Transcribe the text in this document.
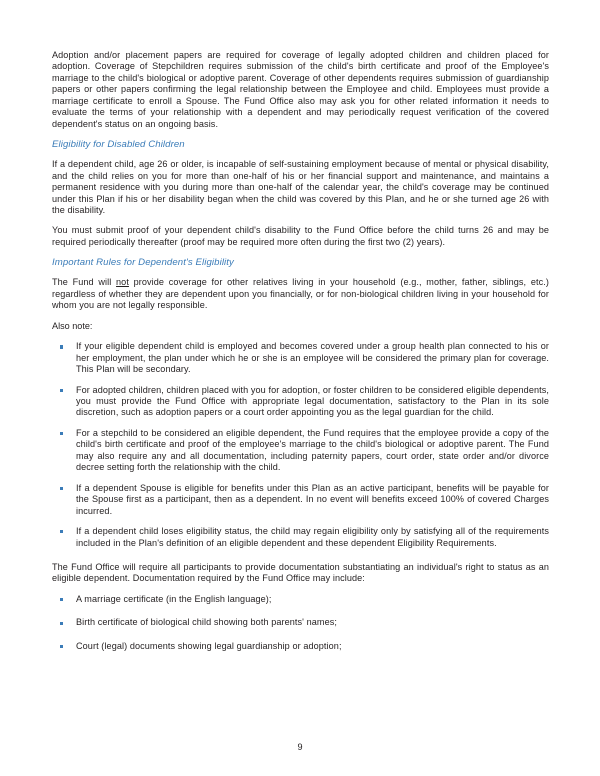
Adoption and/or placement papers are required for coverage of legally adopted children and children placed for adoption. Coverage of Stepchildren requires submission of the child's birth certificate and proof of the Employee's marriage to the child's biological or adoptive parent. Coverage of other dependents requires submission of guardianship papers or other papers confirming the legal relationship between the Employee and child. Employees must provide a marriage certificate to enroll a Spouse. The Fund Office also may ask you for other related information it needs to evaluate the terms of your relationship with a dependent and may periodically request verification of the covered dependent's status on an ongoing basis.

Eligibility for Disabled Children

If a dependent child, age 26 or older, is incapable of self-sustaining employment because of mental or physical disability, and the child relies on you for more than one-half of his or her financial support and maintenance, and maintains a permanent residence with you during more than one-half of the calendar year, the child's coverage may be continued under this Plan if his or her disability began when the child was covered by this Plan, and he or she turned age 26 with the disability.

You must submit proof of your dependent child's disability to the Fund Office before the child turns 26 and may be required periodically thereafter (proof may be required more often during the first two (2) years).

Important Rules for Dependent's Eligibility

The Fund will not provide coverage for other relatives living in your household (e.g., mother, father, siblings, etc.) regardless of whether they are dependent upon you financially, or for non-biological children living in your household for whom you are not legally responsible.

Also note:

If your eligible dependent child is employed and becomes covered under a group health plan connected to his or her employment, the plan under which he or she is an employee will be considered the primary plan for coverage. This Plan will be secondary.
For adopted children, children placed with you for adoption, or foster children to be considered eligible dependents, you must provide the Fund Office with appropriate legal documentation, satisfactory to the Plan in its sole discretion, such as adoption papers or a court order appointing you as the legal guardian for the child.
For a stepchild to be considered an eligible dependent, the Fund requires that the employee provide a copy of the child's birth certificate and proof of the employee's marriage to the child's biological or adoptive parent. The Fund may also require any and all documentation, including paternity papers, court order, state order and/or divorce decree setting forth the relationship with the child.
If a dependent Spouse is eligible for benefits under this Plan as an active participant, benefits will be payable for the Spouse first as a participant, then as a dependent. In no event will benefits exceed 100% of covered Charges incurred.
If a dependent child loses eligibility status, the child may regain eligibility only by satisfying all of the requirements included in the Plan's definition of an eligible dependent and these dependent Eligibility Requirements.

The Fund Office will require all participants to provide documentation substantiating an individual's right to status as an eligible dependent. Documentation required by the Fund Office may include:

A marriage certificate (in the English language);
Birth certificate of biological child showing both parents' names;
Court (legal) documents showing legal guardianship or adoption;
9
